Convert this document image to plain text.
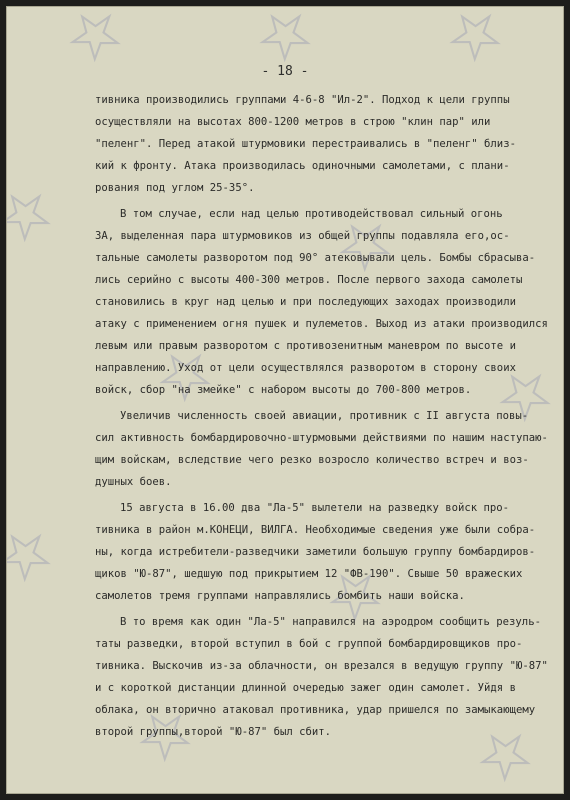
- 18 -
тивника производились группами 4-6-8 "Ил-2". Подход к цели группы
осуществляли на высотах 800-1200 метров в строю "клин пар" или
"пеленг". Перед атакой штурмовики перестраивались в "пеленг" близ-
кий к фронту. Атака производилась одиночными самолетами, с плани-
рования под углом 25-35°.
В том случае, если над целью противодействовал сильный огонь
ЗА, выделенная пара штурмовиков из общей группы подавляла его,ос-
тальные самолеты разворотом под 90° атековывали цель. Бомбы сбрасыва-
лись серийно с высоты 400-300 метров. После первого захода самолеты
становились в круг над целью и при последующих заходах производили
атаку с применением огня пушек и пулеметов. Выход из атаки производился
левым или правым разворотом с противозенитным маневром по высоте и
направлению. Уход от цели осуществлялся разворотом в сторону своих
войск, сбор "на змейке" с набором высоты до 700-800 метров.
Увеличив численность своей авиации, противник с II августа повы-
сил активность бомбардировочно-штурмовыми действиями по нашим наступаю-
щим войскам, вследствие чего резко возросло количество встреч и воз-
душных боев.
15 августа в 16.00 два "Ла-5" вылетели на разведку войск про-
тивника в район м.КОНЕЦИ, ВИЛГА. Необходимые сведения уже были собра-
ны, когда истребители-разведчики заметили большую группу бомбардиров-
щиков "Ю-87", шедшую под прикрытием 12 "ФВ-190". Свыше 50 вражеских
самолетов тремя группами направлялись бомбить наши войска.
В то время как один "Ла-5" направился на аэродром сообщить резуль-
таты разведки, второй вступил в бой с группой бомбардировщиков про-
тивника. Выскочив из-за облачности, он врезался в ведущую группу "Ю-87"
и с короткой дистанции длинной очередью зажег один самолет. Уйдя в
облака, он вторично атаковал противника, удар пришелся по замыкающему
второй группы,второй "Ю-87" был сбит.
